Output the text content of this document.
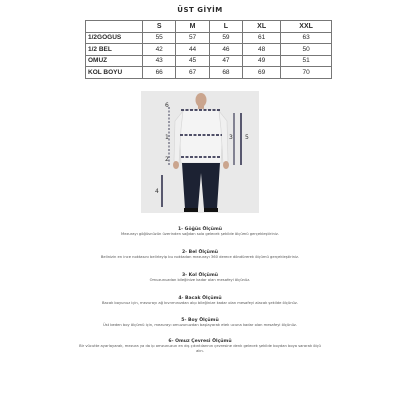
ÜST GİYİM
	S	M	L	XL	XXL
1/2GOGUS	55	57	59	61	63
1/2 BEL	42	44	46	48	50
OMUZ	43	45	47	49	51
KOL BOYU	66	67	68	69	70
6
1
2
3 5
4
1- Göğüs Ölçümü
Mezurayı göğüsnüzün üzerinden sağdan sola gelecek şekilde ölçümü gerçekleştiriniz.
2- Bel Ölçümü
Belinizin en ince noktasını belirleyip bu noktadan mezurayı 360 derece döndürerek ölçümü gerçekleştiriniz.
3- Kol Ölçümü
Omuzunuzdan bileğinize kadar olan mesafeyi ölçünüz.
4- Bacak Ölçümü
Bacak boyunuz için, mezurayı ağ kıvrımınızdan alıp bileğinize kadar olan mesafeyi alacak şekilde ölçünüz.
5- Boy Ölçümü
Üst beden boy ölçümü için, mezurayı omuzunuzdan başlayarak etek ucuna kadar olan mesafeyi ölçünüz.
6- Omuz Çevresi Ölçümü
Bir vücutte ayarlayarak, mezura ya da ip omzunuzun en dış çıkıntılarının çevresine denk gelecek şekilde boydan boya sararak ölçü alın.
